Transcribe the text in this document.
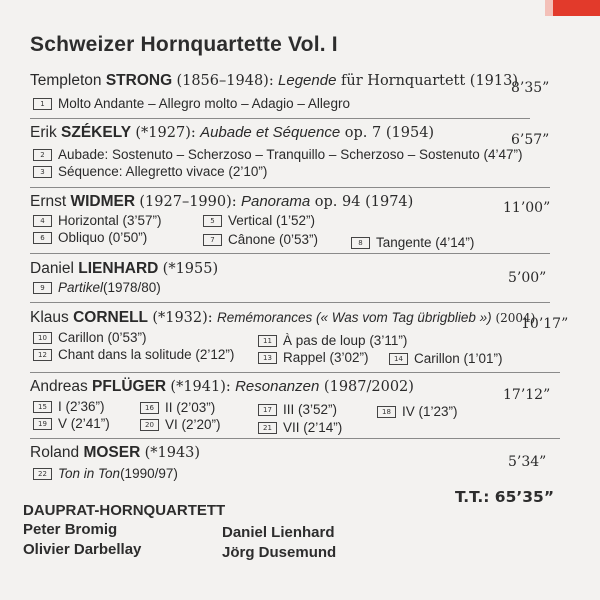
Schweizer Hornquartette Vol. I
Templeton STRONG (1856–1948): Legende für Hornquartett (1913)
8’35”
1 Molto Andante – Allegro molto – Adagio – Allegro
Erik SZÉKELY (*1927): Aubade et Séquence op. 7 (1954)	6’57”
2 Aubade: Sostenuto – Scherzoso – Tranquillo – Scherzoso – Sostenuto (4’47”)
3 Séquence: Allegretto vivace (2’10”)
Ernst WIDMER (1927–1990): Panorama op. 94 (1974)	11’00”
4 Horizontal (3’57”)	5 Vertical (1’52”)
6 Obliquo (0’50”)	7 Cânone (0’53”)	8 Tangente (4’14”)
Daniel LIENHARD (*1955)
5’00”
9 Partikel (1978/80)
Klaus CORNELL (*1932): Remémorances (« Was vom Tag übrigblieb ») (2004)
10’17”
10 Carillon (0’53”)	11 À pas de loup (3’11”)
12 Chant dans la solitude (2’12”)	13 Rappel (3’02”)	14 Carillon (1’01”)
Andreas PFLÜGER (*1941): Resonanzen (1987/2002)	17’12”
15 I (2’36”)	16 II (2’03”)	17 III (3’52”)	18 IV (1’23”)
19 V (2’41”)	20 VI (2’20”)	21 VII (2’14”)
Roland MOSER (*1943)
5’34”
22 Ton in Ton (1990/97)
T.T.: 65’35”
DAUPRAT-HORNQUARTETT
Peter Bromig	Daniel Lienhard
Olivier Darbellay	Jörg Dusemund
